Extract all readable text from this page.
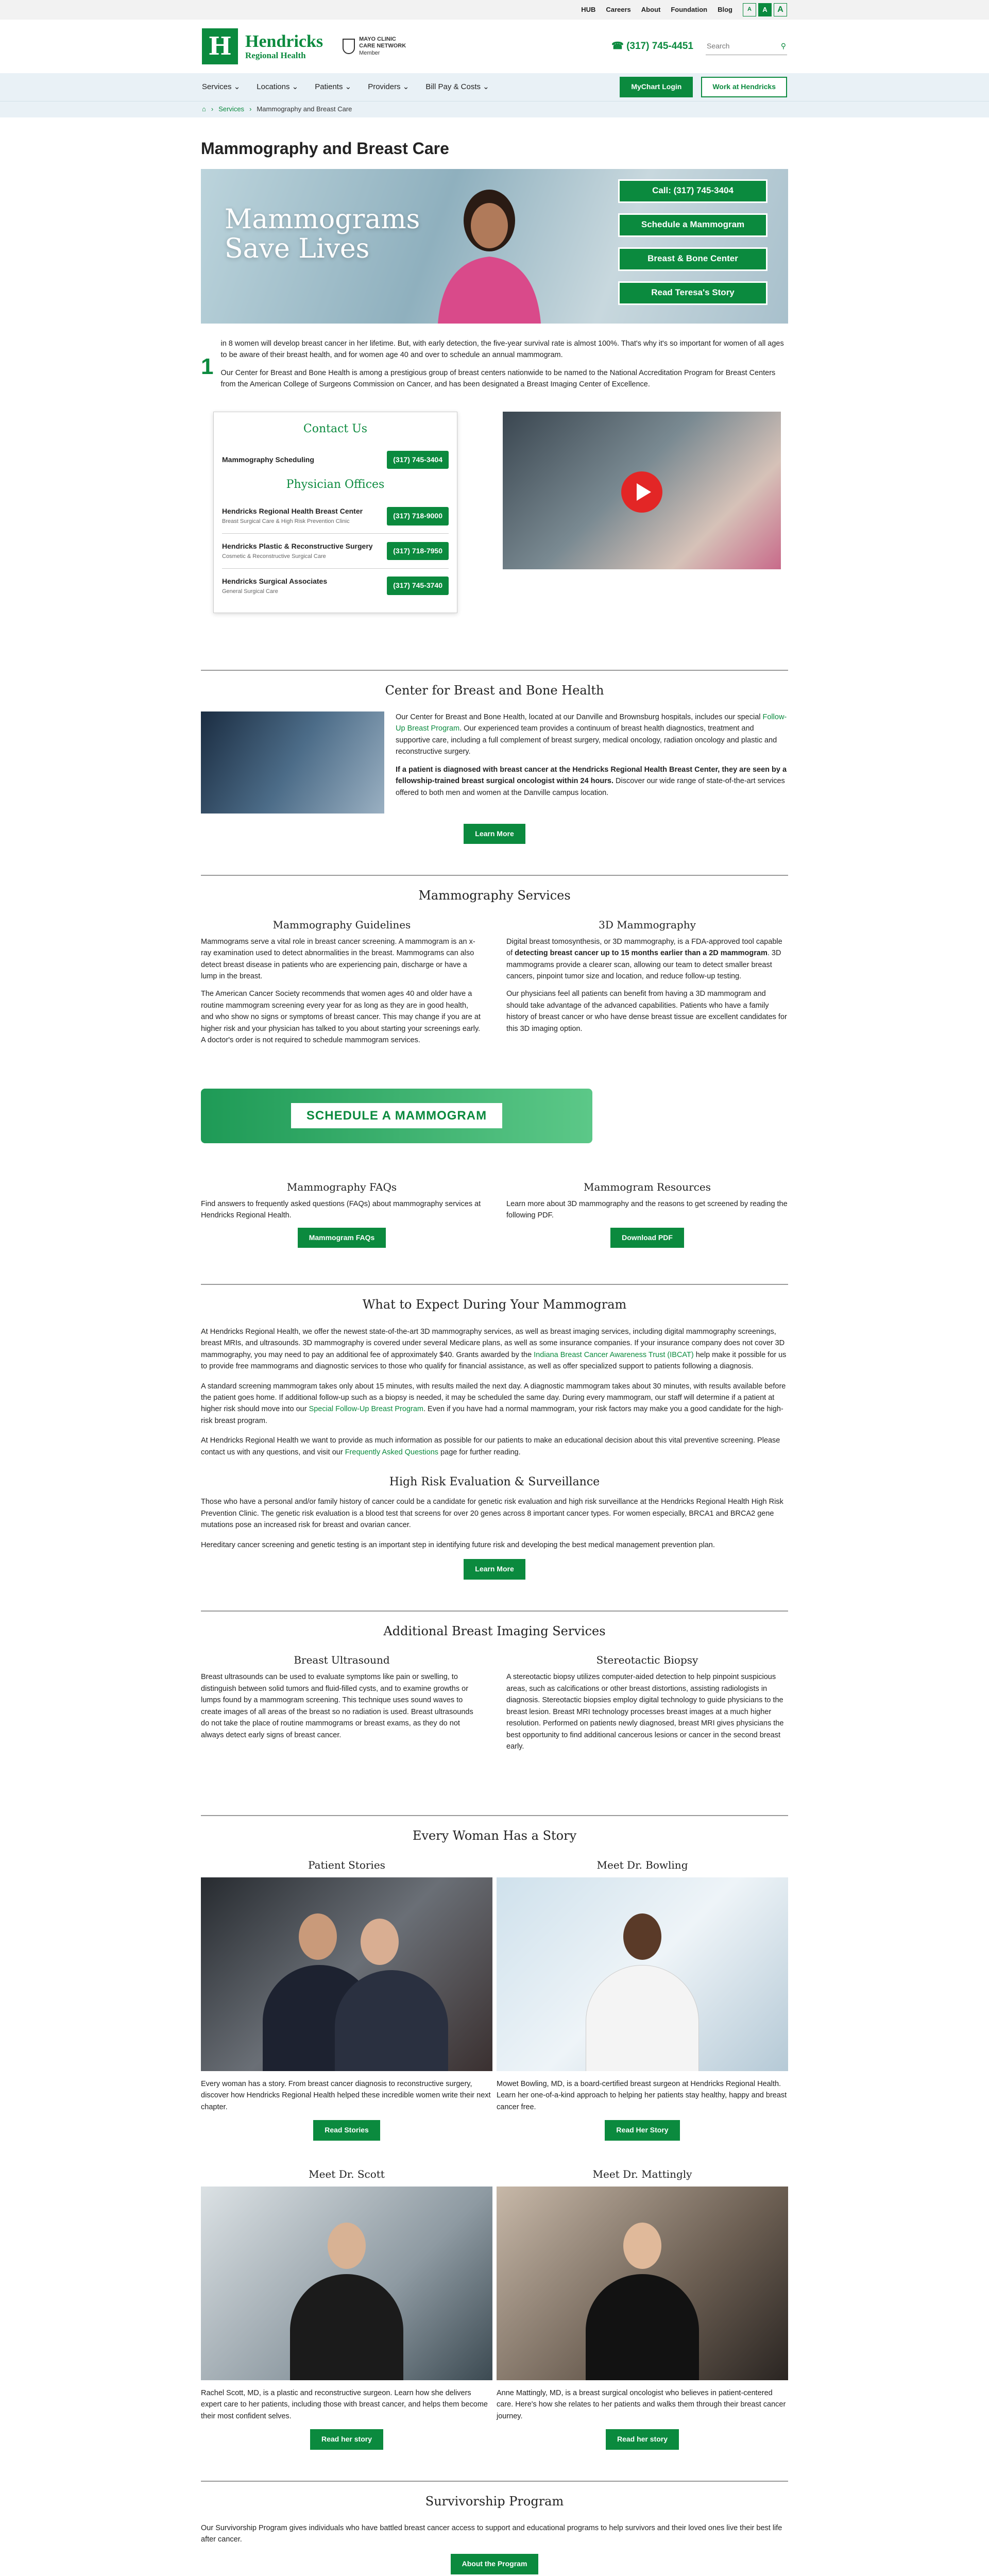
HUB Careers About Foundation Blog	A	A	A
H Hendricks
Regional Health
MAYO CLINIC
CARE NETWORK
Member
☎ (317) 745-4451 Search	⚲
Services ⌄ Locations ⌄ Patients ⌄ Providers ⌄ Bill Pay & Costs ⌄	MyChart Login	Work at Hendricks
⌂ › Services › Mammography and Breast Care
Mammography and Breast Care
Mammograms
Save Lives
Call: (317) 745-3404
Schedule a Mammogram
Breast & Bone Center
Read Teresa's Story
1

in 8 women will develop breast cancer in her lifetime. But, with early detection, the five-year survival rate is almost 100%. That's why it's so important for women of all ages to be aware of their breast health, and for women age 40 and over to schedule an annual mammogram.

Our Center for Breast and Bone Health is among a prestigious group of breast centers nationwide to be named to the National Accreditation Program for Breast Centers from the American College of Surgeons Commission on Cancer, and has been designated a Breast Imaging Center of Excellence.

Contact Us
Mammography Scheduling	(317) 745-3404
Physician Offices
Hendricks Regional Health Breast Center
Breast Surgical Care & High Risk Prevention Clinic
(317) 718-9000
Hendricks Plastic & Reconstructive Surgery
Cosmetic & Reconstructive Surgical Care
(317) 718-7950
Hendricks Surgical Associates
General Surgical Care
(317) 745-3740
Center for Breast and Bone Health

Our Center for Breast and Bone Health, located at our Danville and Brownsburg hospitals, includes our special Follow-Up Breast Program. Our experienced team provides a continuum of breast health diagnostics, treatment and supportive care, including a full complement of breast surgery, medical oncology, radiation oncology and plastic and reconstructive surgery.

If a patient is diagnosed with breast cancer at the Hendricks Regional Health Breast Center, they are seen by a fellowship-trained breast surgical oncologist within 24 hours. Discover our wide range of state-of-the-art services offered to both men and women at the Danville campus location.

Learn More
Mammography Services
Mammography Guidelines

Mammograms serve a vital role in breast cancer screening. A mammogram is an x-ray examination used to detect abnormalities in the breast. Mammograms can also detect breast disease in patients who are experiencing pain, discharge or have a lump in the breast.

The American Cancer Society recommends that women ages 40 and older have a routine mammogram screening every year for as long as they are in good health, and who show no signs or symptoms of breast cancer. This may change if you are at higher risk and your physician has talked to you about starting your screenings early. A doctor's order is not required to schedule mammogram services.

3D Mammography

Digital breast tomosynthesis, or 3D mammography, is a FDA-approved tool capable of detecting breast cancer up to 15 months earlier than a 2D mammogram. 3D mammograms provide a clearer scan, allowing our team to detect smaller breast cancers, pinpoint tumor size and location, and reduce follow-up testing.

Our physicians feel all patients can benefit from having a 3D mammogram and should take advantage of the advanced capabilities. Patients who have a family history of breast cancer or who have dense breast tissue are excellent candidates for this 3D imaging option.

SCHEDULE A MAMMOGRAM
Mammography FAQs

Find answers to frequently asked questions (FAQs) about mammography services at Hendricks Regional Health.

Mammogram FAQs
Mammogram Resources

Learn more about 3D mammography and the reasons to get screened by reading the following PDF.

Download PDF
What to Expect During Your Mammogram

At Hendricks Regional Health, we offer the newest state-of-the-art 3D mammography services, as well as breast imaging services, including digital mammography screenings, breast MRIs, and ultrasounds. 3D mammography is covered under several Medicare plans, as well as some insurance companies. If your insurance company does not cover 3D mammography, you may need to pay an additional fee of approximately $40. Grants awarded by the Indiana Breast Cancer Awareness Trust (IBCAT) help make it possible for us to provide free mammograms and diagnostic services to those who qualify for financial assistance, as well as offer specialized support to patients following a diagnosis.

A standard screening mammogram takes only about 15 minutes, with results mailed the next day. A diagnostic mammogram takes about 30 minutes, with results available before the patient goes home. If additional follow-up such as a biopsy is needed, it may be scheduled the same day. During every mammogram, our staff will determine if a patient at higher risk should move into our Special Follow-Up Breast Program. Even if you have had a normal mammogram, your risk factors may make you a good candidate for the high-risk breast program.

At Hendricks Regional Health we want to provide as much information as possible for our patients to make an educational decision about this vital preventive screening. Please contact us with any questions, and visit our Frequently Asked Questions page for further reading.

High Risk Evaluation & Surveillance

Those who have a personal and/or family history of cancer could be a candidate for genetic risk evaluation and high risk surveillance at the Hendricks Regional Health High Risk Prevention Clinic. The genetic risk evaluation is a blood test that screens for over 20 genes across 8 important cancer types. For women especially, BRCA1 and BRCA2 gene mutations pose an increased risk for breast and ovarian cancer.

Hereditary cancer screening and genetic testing is an important step in identifying future risk and developing the best medical management prevention plan.

Learn More
Additional Breast Imaging Services
Breast Ultrasound

Breast ultrasounds can be used to evaluate symptoms like pain or swelling, to distinguish between solid tumors and fluid-filled cysts, and to examine growths or lumps found by a mammogram screening. This technique uses sound waves to create images of all areas of the breast so no radiation is used. Breast ultrasounds do not take the place of routine mammograms or breast exams, as they do not always detect early signs of breast cancer.

Stereotactic Biopsy

A stereotactic biopsy utilizes computer-aided detection to help pinpoint suspicious areas, such as calcifications or other breast distortions, assisting radiologists in diagnosis. Stereotactic biopsies employ digital technology to guide physicians to the breast lesion. Breast MRI technology processes breast images at a much higher resolution. Performed on patients newly diagnosed, breast MRI gives physicians the best opportunity to find additional cancerous lesions or cancer in the second breast early.

Every Woman Has a Story
Patient Stories

Every woman has a story. From breast cancer diagnosis to reconstructive surgery, discover how Hendricks Regional Health helped these incredible women write their next chapter.

Read Stories
Meet Dr. Bowling

Mowet Bowling, MD, is a board-certified breast surgeon at Hendricks Regional Health. Learn her one-of-a-kind approach to helping her patients stay healthy, happy and breast cancer free.

Read Her Story
Meet Dr. Scott

Rachel Scott, MD, is a plastic and reconstructive surgeon. Learn how she delivers expert care to her patients, including those with breast cancer, and helps them become their most confident selves.

Read her story
Meet Dr. Mattingly

Anne Mattingly, MD, is a breast surgical oncologist who believes in patient-centered care. Here's how she relates to her patients and walks them through their breast cancer journey.

Read her story
Survivorship Program

Our Survivorship Program gives individuals who have battled breast cancer access to support and educational programs to help survivors and their loved ones live their best life after cancer.

About the Program
